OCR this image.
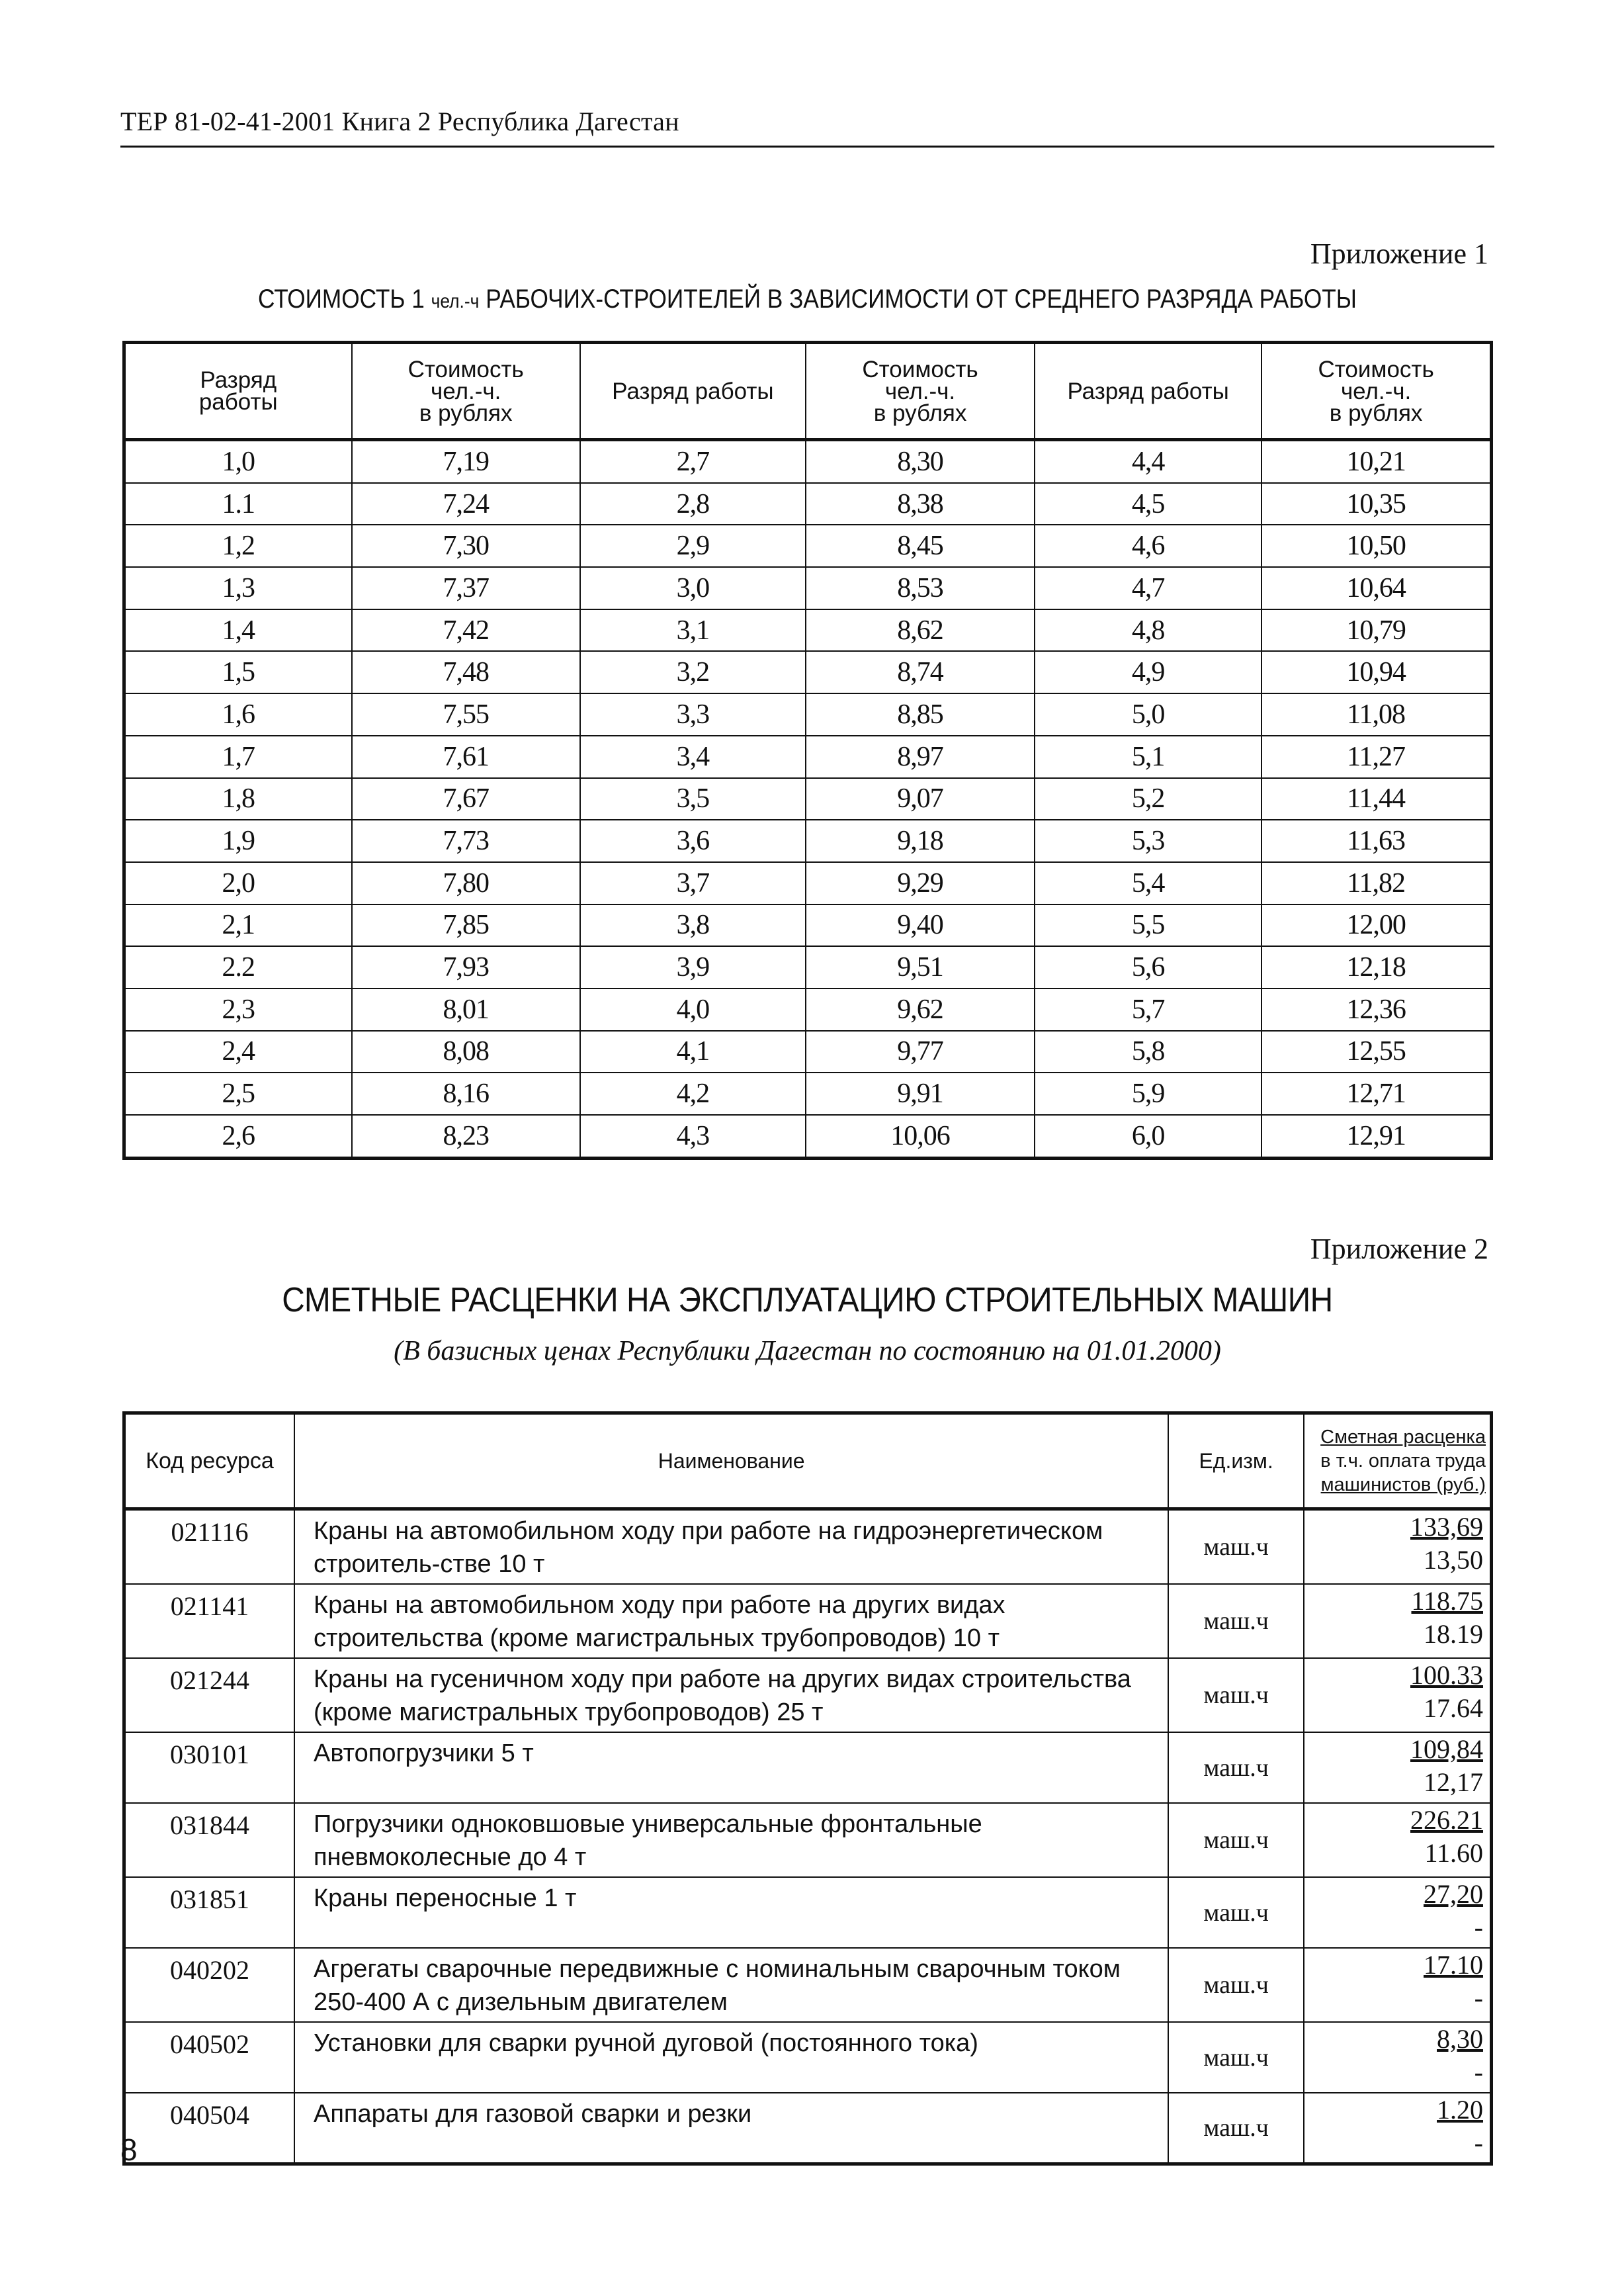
ТЕР 81-02-41-2001 Книга 2 Республика Дагестан
Приложение 1
СТОИМОСТЬ 1 чел.-ч РАБОЧИХ-СТРОИТЕЛЕЙ В ЗАВИСИМОСТИ ОТ СРЕДНЕГО РАЗРЯДА РАБОТЫ
Разряд
работы	Стоимость
чел.-ч.
в рублях	Разряд работы	Стоимость
чел.-ч.
в рублях	Разряд работы	Стоимость
чел.-ч.
в рублях
1,0	7,19	2,7	8,30	4,4	10,21
1.1	7,24	2,8	8,38	4,5	10,35
1,2	7,30	2,9	8,45	4,6	10,50
1,3	7,37	3,0	8,53	4,7	10,64
1,4	7,42	3,1	8,62	4,8	10,79
1,5	7,48	3,2	8,74	4,9	10,94
1,6	7,55	3,3	8,85	5,0	11,08
1,7	7,61	3,4	8,97	5,1	11,27
1,8	7,67	3,5	9,07	5,2	11,44
1,9	7,73	3,6	9,18	5,3	11,63
2,0	7,80	3,7	9,29	5,4	11,82
2,1	7,85	3,8	9,40	5,5	12,00
2.2	7,93	3,9	9,51	5,6	12,18
2,3	8,01	4,0	9,62	5,7	12,36
2,4	8,08	4,1	9,77	5,8	12,55
2,5	8,16	4,2	9,91	5,9	12,71
2,6	8,23	4,3	10,06	6,0	12,91
Приложение 2
СМЕТНЫЕ РАСЦЕНКИ НА ЭКСПЛУАТАЦИЮ СТРОИТЕЛЬНЫХ МАШИН
(В базисных ценах Республики Дагестан по состоянию на 01.01.2000)
Код ресурса	Наименование	Ед.изм.	Сметная расценка
в т.ч. оплата труда
машинистов (руб.)
021116	Краны на автомобильном ходу при работе на гидроэнергетическом строитель-стве 10 т	маш.ч	133,69
13,50

021141	Краны на автомобильном ходу при работе на других видах строительства (кроме магистральных трубопроводов) 10 т	маш.ч	118.75
18.19

021244	Краны на гусеничном ходу при работе на других видах строительства (кроме магистральных трубопроводов) 25 т	маш.ч	100.33
17.64

030101	Автопогрузчики 5 т	маш.ч	109,84
12,17

031844	Погрузчики одноковшовые универсальные фронтальные пневмоколесные до 4 т	маш.ч	226.21
11.60

031851	Краны переносные 1 т	маш.ч	27,20
-

040202	Агрегаты сварочные передвижные с номинальным сварочным током 250-400 А с дизельным двигателем	маш.ч	17.10
-

040502	Установки для сварки ручной дуговой (постоянного тока)	маш.ч	8,30
-

040504	Аппараты для газовой сварки и резки	маш.ч	1.20
-
8
